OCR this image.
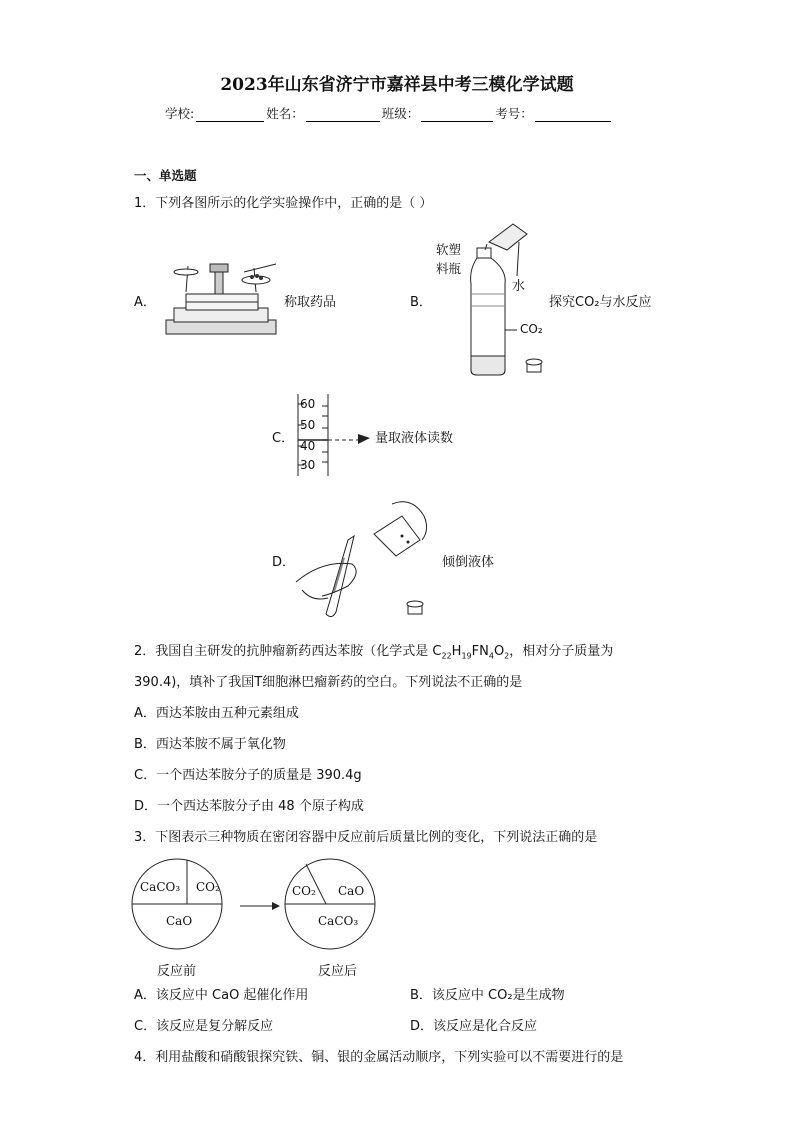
2023年山东省济宁市嘉祥县中考三模化学试题
学校:	姓名：	班级：	考号：
一、单选题
1．下列各图所示的化学实验操作中，正确的是（ ）
A．	称取药品	B．
软塑
料瓶
水
CO₂
探究CO₂与水反应
C．
60
50
40
30
量取液体读数
D．	倾倒液体
2．我国自主研发的抗肿瘤新药西达苯胺（化学式是 $C_{22}H_{19}FN_4O_2$，相对分子质量为
390.4)，填补了我国T细胞淋巴瘤新药的空白。下列说法不正确的是
A．西达苯胺由五种元素组成
B．西达苯胺不属于氧化物
C．一个西达苯胺分子的质量是 390.4g
D．一个西达苯胺分子由 48 个原子构成
3．下图表示三种物质在密闭容器中反应前后质量比例的变化，下列说法正确的是
CaCO₃ CO₂
CaO
CO₂ CaO
CaCO₃
反应前	反应后
A．该反应中 CaO 起催化作用	B．该反应中 CO₂是生成物
C．该反应是复分解反应	D．该反应是化合反应
4．利用盐酸和硝酸银探究铁、铜、银的金属活动顺序，下列实验可以不需要进行的是
